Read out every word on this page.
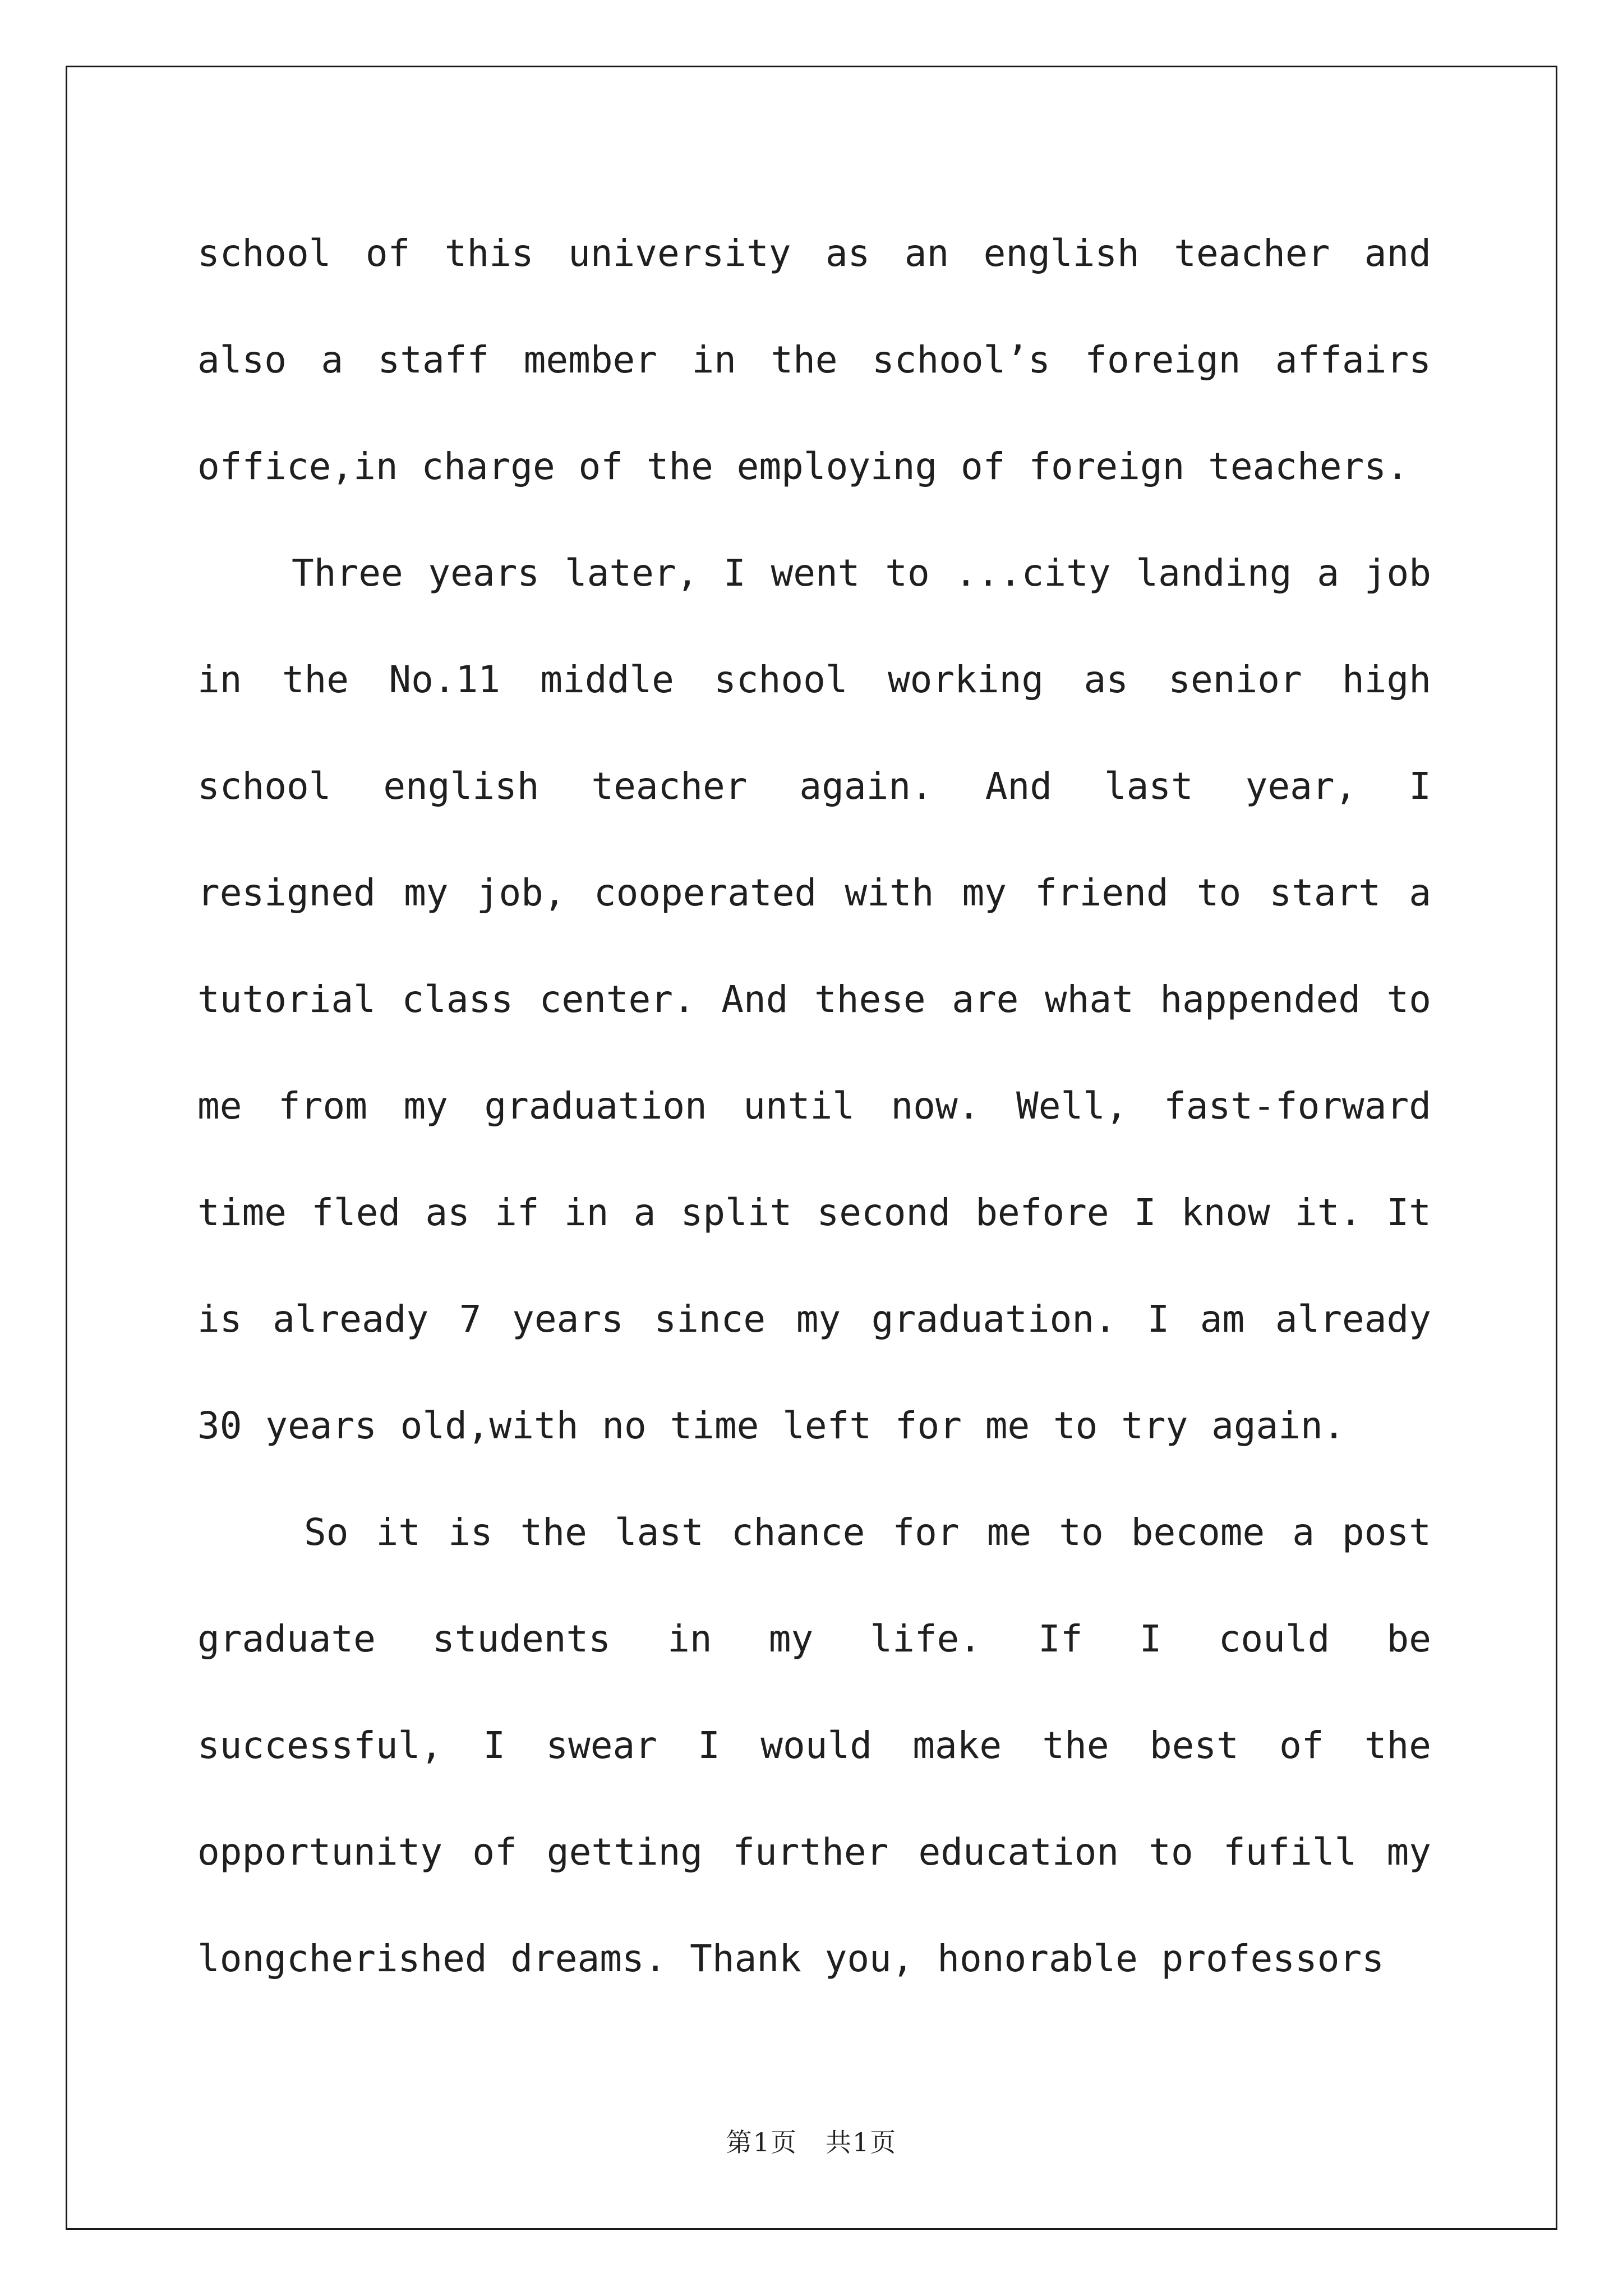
school of this university as an english teacher and also a staff member in the school’s foreign affairs office,in charge of the employing of foreign teachers.

Three years later, I went to ...city landing a job in the No.11 middle school working as senior high school english teacher again. And last year, I resigned my job, cooperated with my friend to start a tutorial class center. And these are what happended to me from my graduation until now. Well, fast-forward time fled as if in a split second before I know it. It is already 7 years since my graduation. I am already 30 years old,with no time left for me to try again.

So it is the last chance for me to become a post graduate students in my life. If I could be successful, I swear I would make the best of the opportunity of getting further education to fufill my longcherished dreams. Thank you, honorable professors

第1页 共1页
